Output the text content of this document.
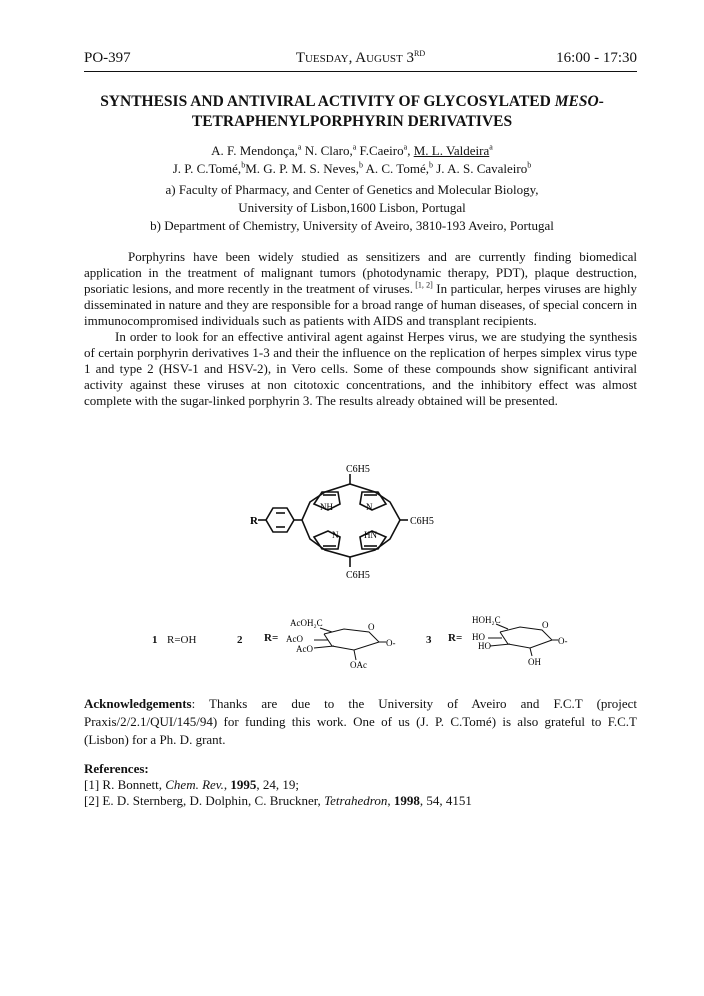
PO-397	Tuesday, August 3RD	16:00 - 17:30
SYNTHESIS AND ANTIVIRAL ACTIVITY OF GLYCOSYLATED MESO-
TETRAPHENYLPORPHYRIN DERIVATIVES
A. F. Mendonça,$^a$ N. Claro,$^a$ F.Caeiro$^a$, M. L. Valdeira$^a$
J. P. C.Tomé,$^b$M. G. P. M. S. Neves,$^b$ A. C. Tomé,$^b$ J. A. S. Cavaleiro$^b$
a) Faculty of Pharmacy, and Center of Genetics and Molecular Biology,
University of Lisbon,1600 Lisbon, Portugal
b) Department of Chemistry, University of Aveiro, 3810-193 Aveiro, Portugal

Porphyrins have been widely studied as sensitizers and are currently finding biomedical application in the treatment of malignant tumors (photodynamic therapy, PDT), plaque destruction, psoriatic lesions, and more recently in the treatment of viruses. [1, 2] In particular, herpes viruses are highly disseminated in nature and they are responsible for a broad range of human diseases, of special concern in immunocompromised individuals such as patients with AIDS and transplant recipients.

In order to look for an effective antiviral agent against Herpes virus, we are studying the synthesis of certain porphyrin derivatives 1-3 and their the influence on the replication of herpes simplex virus type 1 and type 2 (HSV-1 and HSV-2), in Vero cells. Some of these compounds show significant antiviral activity against these viruses at non citotoxic concentrations, and the inhibitory effect was almost complete with the sugar-linked porphyrin 3. The results already obtained will be presented.

C6H5
C6H5
C6H5
NH	N
N	HN
R
1 R=OH	2 R=
AcOH₂C
AcO
AcO
OAc
O
O-	3 R=
HOH₂C
HO
HO
OH
O
O-
Acknowledgements: Thanks are due to the University of Aveiro and F.C.T (project Praxis/2/2.1/QUI/145/94) for funding this work. One of us (J. P. C.Tomé) is also grateful to F.C.T (Lisbon) for a Ph. D. grant.
References:
[1] R. Bonnett, Chem. Rev., 1995, 24, 19;
[2] E. D. Sternberg, D. Dolphin, C. Bruckner, Tetrahedron, 1998, 54, 4151
